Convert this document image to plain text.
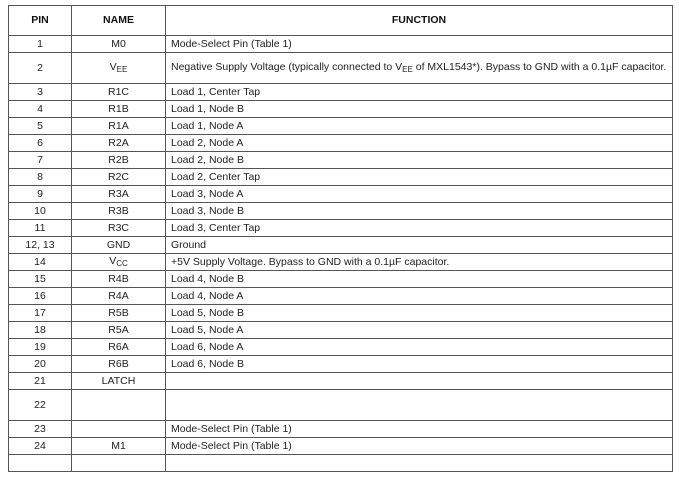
PIN	NAME	FUNCTION
1	M0	Mode-Select Pin (Table 1)
2	$V_{EE}$	Negative Supply Voltage (typically connected to $V_{EE}$ of MXL1543*). Bypass to GND with a 0.1µF capacitor.
3	R1C	Load 1, Center Tap
4	R1B	Load 1, Node B
5	R1A	Load 1, Node A
6	R2A	Load 2, Node A
7	R2B	Load 2, Node B
8	R2C	Load 2, Center Tap
9	R3A	Load 3, Node A
10	R3B	Load 3, Node B
11	R3C	Load 3, Center Tap
12, 13	GND	Ground
14	$V_{CC}$	+5V Supply Voltage. Bypass to GND with a 0.1µF capacitor.
15	R4B	Load 4, Node B
16	R4A	Load 4, Node A
17	R5B	Load 5, Node B
18	R5A	Load 5, Node A
19	R6A	Load 6, Node A
20	R6B	Load 6, Node B
21	LATCH	
22		
23		Mode-Select Pin (Table 1)
24	M1	Mode-Select Pin (Table 1)
